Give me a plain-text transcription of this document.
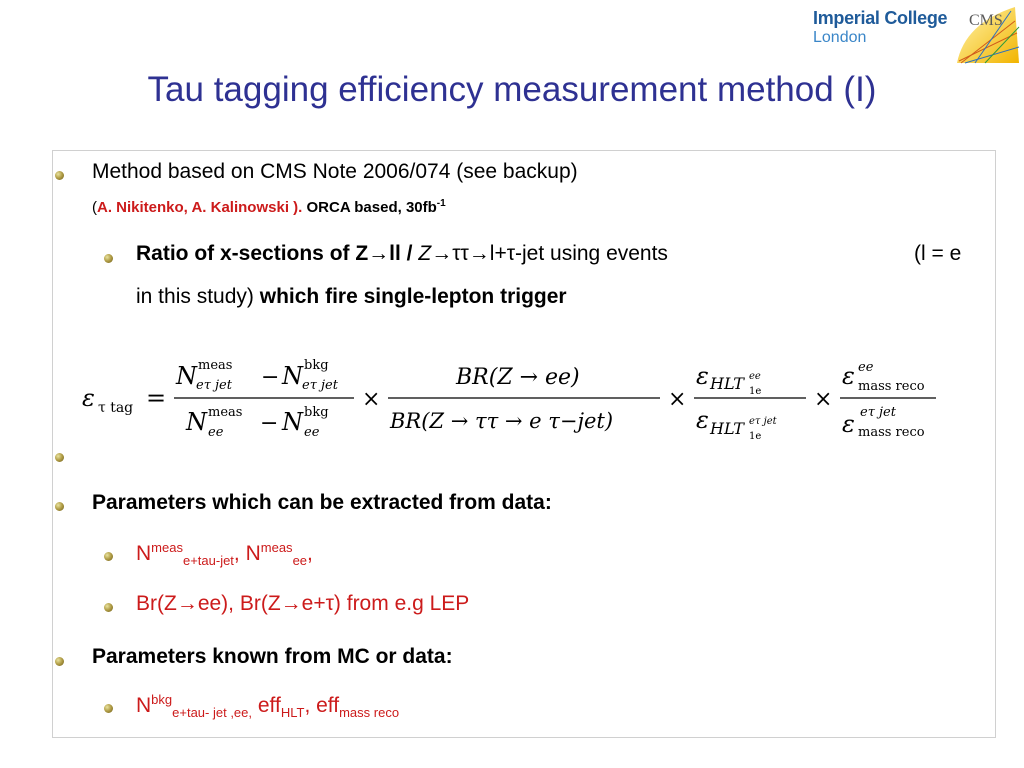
Imperial College
London
CMS
Tau tagging efficiency measurement method (I)
Method based on CMS Note 2006/074 (see backup)
(A. Nikitenko, A. Kalinowski ). ORCA based, $30fb^{-1}$
Ratio of x-sections of Z→ll / Z→ττ→l+τ-jet using events	(l = e
in this study) which fire single-lepton trigger
ε τ tag =
N meas
eτ jet − N bkg
eτ jet
N meas
ee − N bkg
ee
×
BR(Z → ee)
BR(Z → ττ → e τ−jet)
×
ε HLT ee
1e
ε HLT eτ jet
1e
×
ε ee
mass reco
ε eτ jet
mass reco
Parameters which can be extracted from data:
$N^{meas}_{e+tau-jet}$, $N^{meas}_{ee}$,
Br(Z→ee), Br(Z→e+τ) from e.g LEP
Parameters known from MC or data:
$N^{bkg}_{e+tau- jet ,ee,}$ eff$_{HLT}$, eff$_{mass reco}$
